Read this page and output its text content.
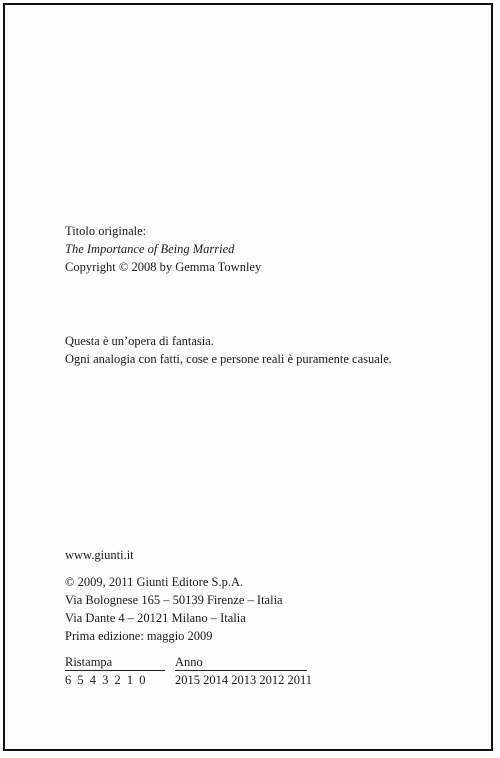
Titolo originale:
The Importance of Being Married
Copyright © 2008 by Gemma Townley
Questa è un’opera di fantasia.
Ogni analogia con fatti, cose e persone reali è puramente casuale.
www.giunti.it
© 2009, 2011 Giunti Editore S.p.A.
Via Bolognese 165 – 50139 Firenze – Italia
Via Dante 4 – 20121 Milano – Italia
Prima edizione: maggio 2009
Ristampa	Anno
6 5 4 3 2 1 0 2015 2014 2013 2012 2011
